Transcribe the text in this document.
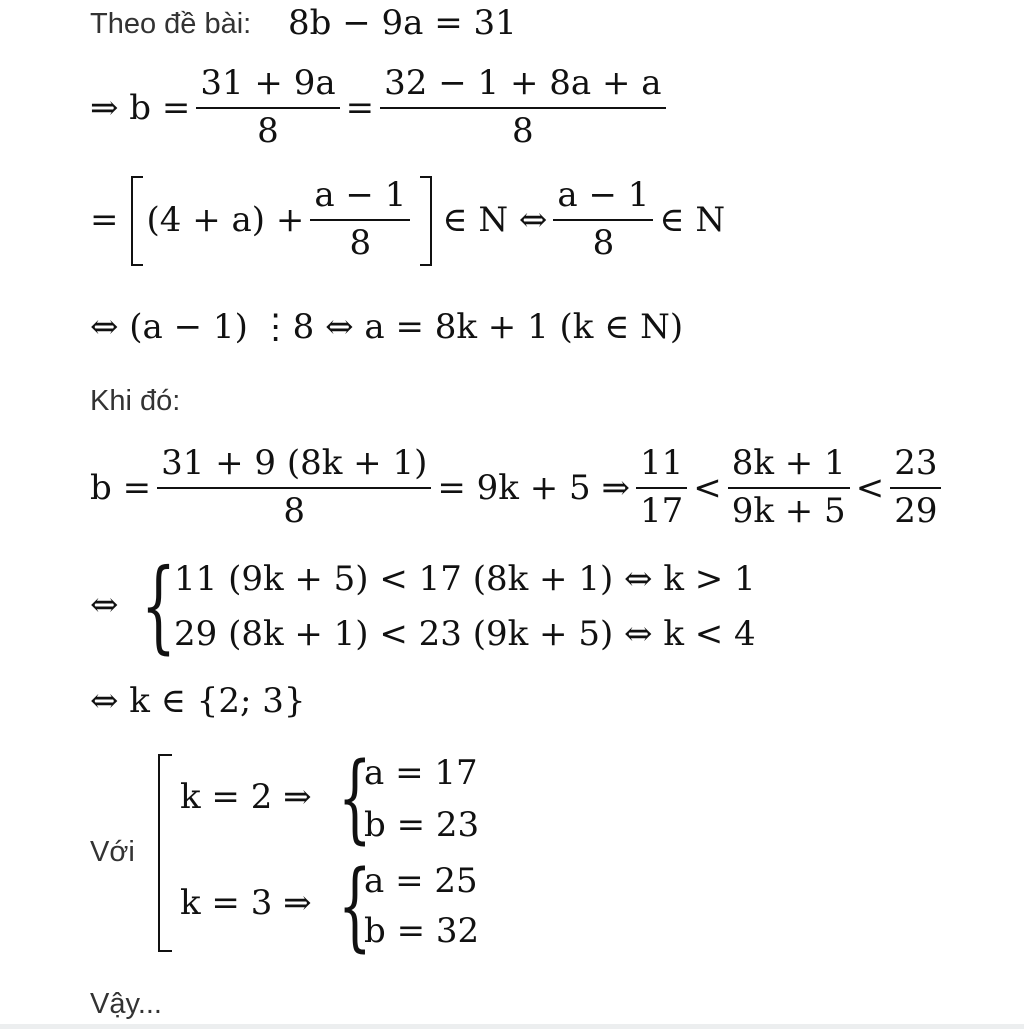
Theo đề bài: 8b − 9a = 31
⇒ $b = \frac{31 + 9a}{8} = \frac{32 - 1 + 8a + a}{8}$
= $(4 + a) + \frac{a - 1}{8}$ ∈ N ⇔ $\frac{a - 1}{8}$ ∈ N
⇔ (a − 1) ⋮8 ⇔ a = 8k + 1 (k ∈ N)
Khi đó:
$b = \frac{31 + 9 (8k + 1)}{8} = 9k + 5$ ⇒ $\frac{11}{17} < \frac{8k + 1}{9k + 5} < \frac{23}{29}$
⇔ {
11 (9k + 5) < 17 (8k + 1) ⇔ k > 1
29 (8k + 1) < 23 (9k + 5) ⇔ k < 4
⇔ k ∈ {2; 3}
Với
k = 2 ⇒ {
a = 17
b = 23
k = 3 ⇒ {
a = 25
b = 32
Vậy...
